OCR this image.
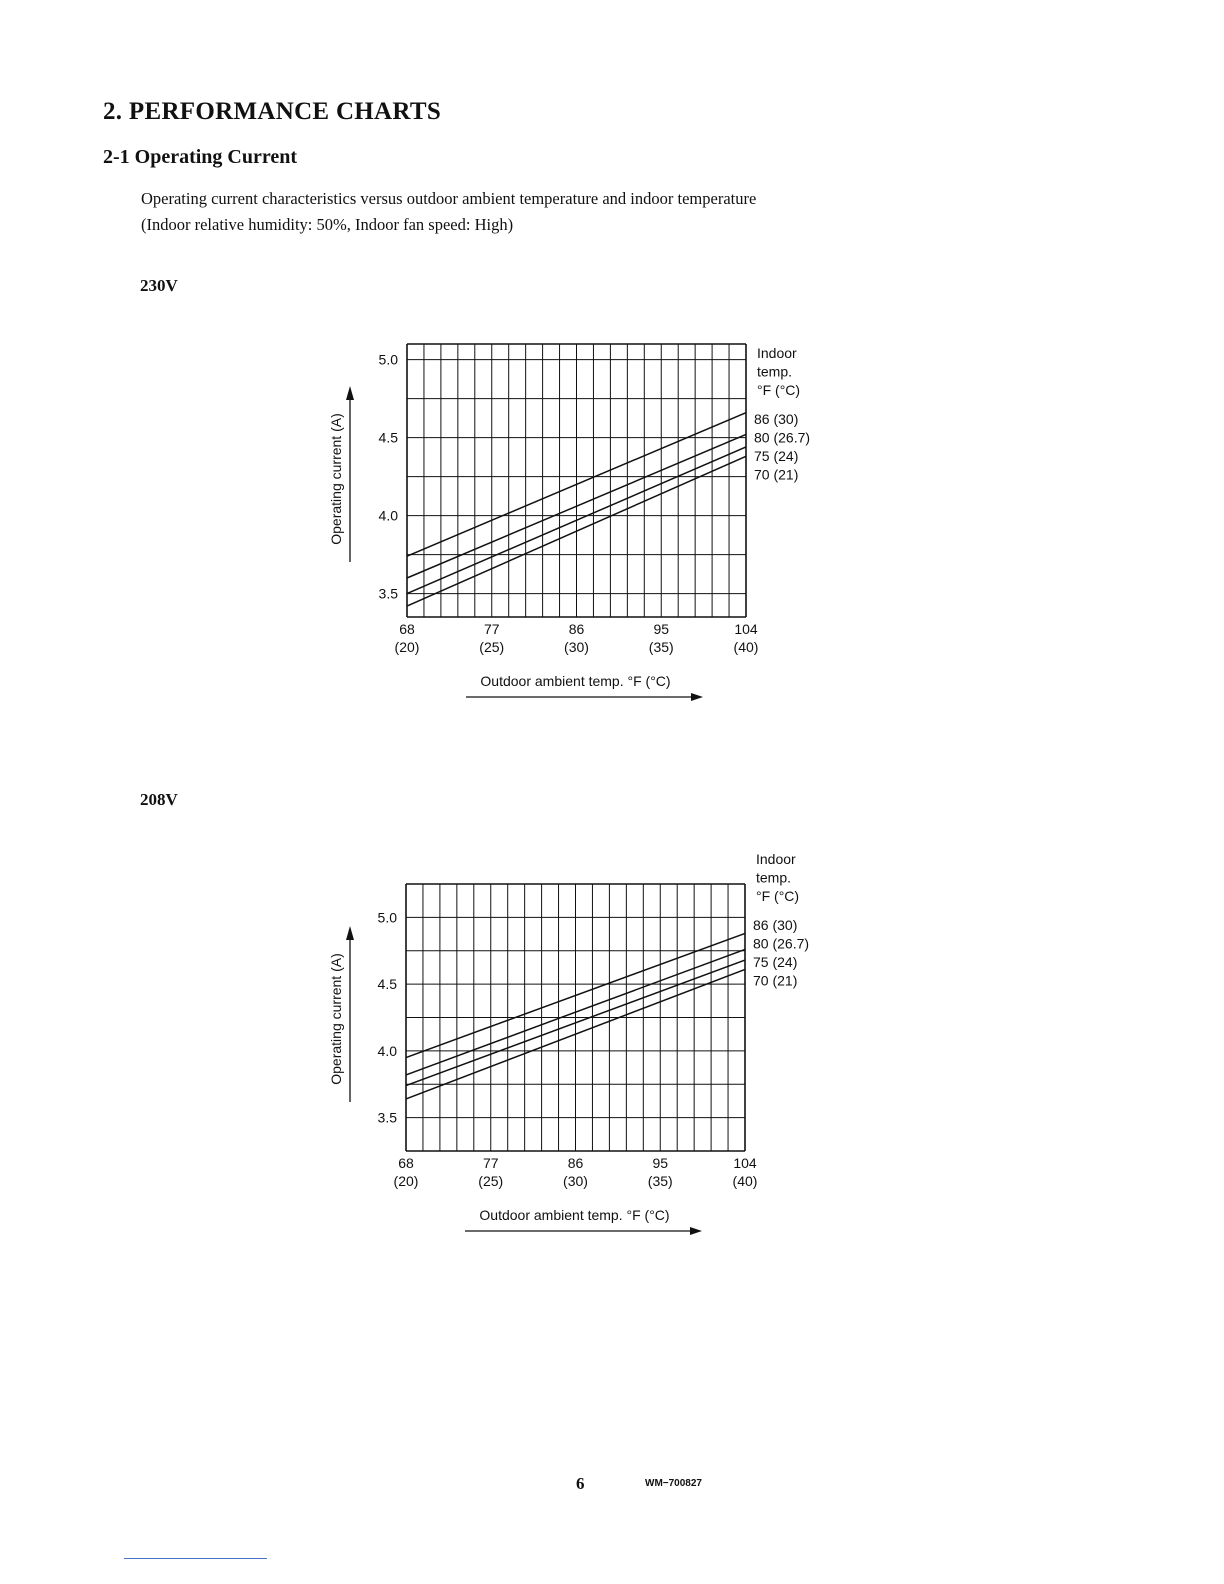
2. PERFORMANCE CHARTS
2-1 Operating Current
Operating current characteristics versus outdoor ambient temperature and indoor temperature
(Indoor relative humidity: 50%, Indoor fan speed: High)
230V
3.5
4.0
4.5
5.0
68
(20)
77
(25)
86
(30)
95
(35)
104
(40)
Outdoor ambient temp. °F (°C)
Operating current (A)
Indoor
temp.
°F (°C)
86 (30)
80 (26.7)
75 (24)
70 (21)
208V
3.5
4.0
4.5
5.0
68
(20)
77
(25)
86
(30)
95
(35)
104
(40)
Outdoor ambient temp. °F (°C)
Operating current (A)
Indoor
temp.
°F (°C)
86 (30)
80 (26.7)
75 (24)
70 (21)
6	WM−700827
